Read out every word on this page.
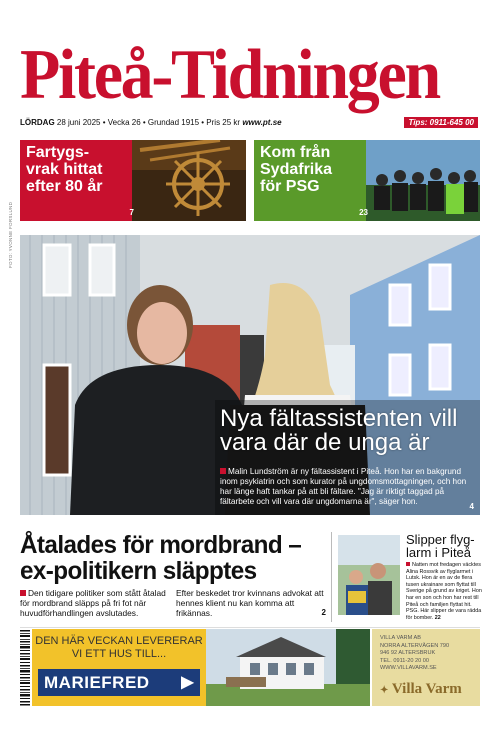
Piteå-Tidningen
LÖRDAG 28 juni 2025 • Vecka 26 • Grundad 1915 • Pris 25 kr www.pt.se	Tips: 0911-645 00
Fartygs-
vrak hittat
efter 80 år
7
Kom från
Sydafrika
för PSG
23
Nya fältassistenten vill
vara där de unga är
Malin Lundström är ny fältassistent i Piteå. Hon har en bakgrund inom psykiatrin och som kurator på ungdomsmottagningen, och hon har länge haft tankar på att bli fältare. "Jag är riktigt taggad på fältarbete och vill vara där ungdomarna är", säger hon.
4
FOTO: YVONNE FORSLUND
Åtalades för mordbrand – ex-politikern släpptes
Den tidigare politiker som stått åtalad för mordbrand släpps på fri fot när huvudförhandlingen avslutades.
Efter beskedet tror kvinnans advokat att hennes klient nu kan komma att frikännas.	2
Slipper flyg-larm i Piteå
Natten mot fredagen väcktes Alina Rossvik av flyglarmet i Lutsk. Hon är en av de flera tusen ukrainare som flyttat till Sverige på grund av kriget. Hon har en son och hon har rest till Piteå och familjen flyttat hit. PSG. Här slipper de vara rädda för bomber. 22
DEN HÄR VECKAN LEVERERAR
VI ETT HUS TILL...
MARIEFRED ▶
VILLA VARM AB
NORRA ALTERVÄGEN 790
946 92 ALTERSBRUK
TEL. 0911-20 20 00
WWW.VILLAVARM.SE
✦ Villa Varm
